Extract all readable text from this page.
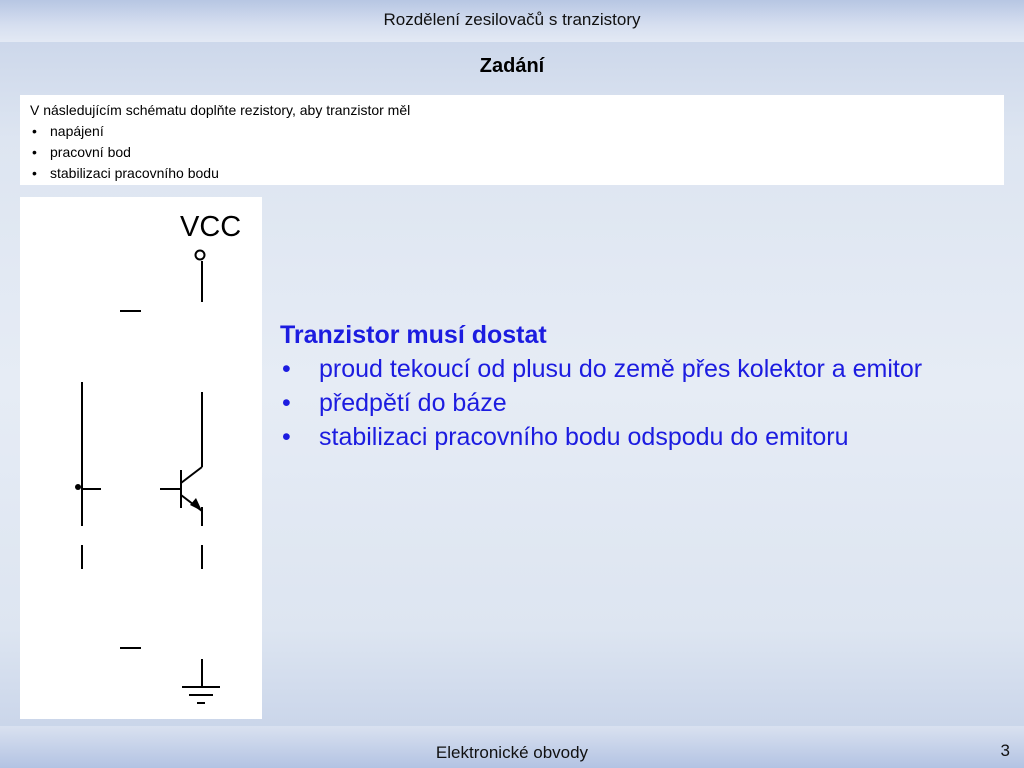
Rozdělení zesilovačů s tranzistory
Zadání
V následujícím schématu doplňte rezistory, aby tranzistor měl
• napájení
• pracovní bod
• stabilizaci pracovního bodu
VCC
Tranzistor musí dostat
• proud tekoucí od plusu do země přes kolektor a emitor
• předpětí do báze
• stabilizaci pracovního bodu odspodu do emitoru
Elektronické obvody	3
